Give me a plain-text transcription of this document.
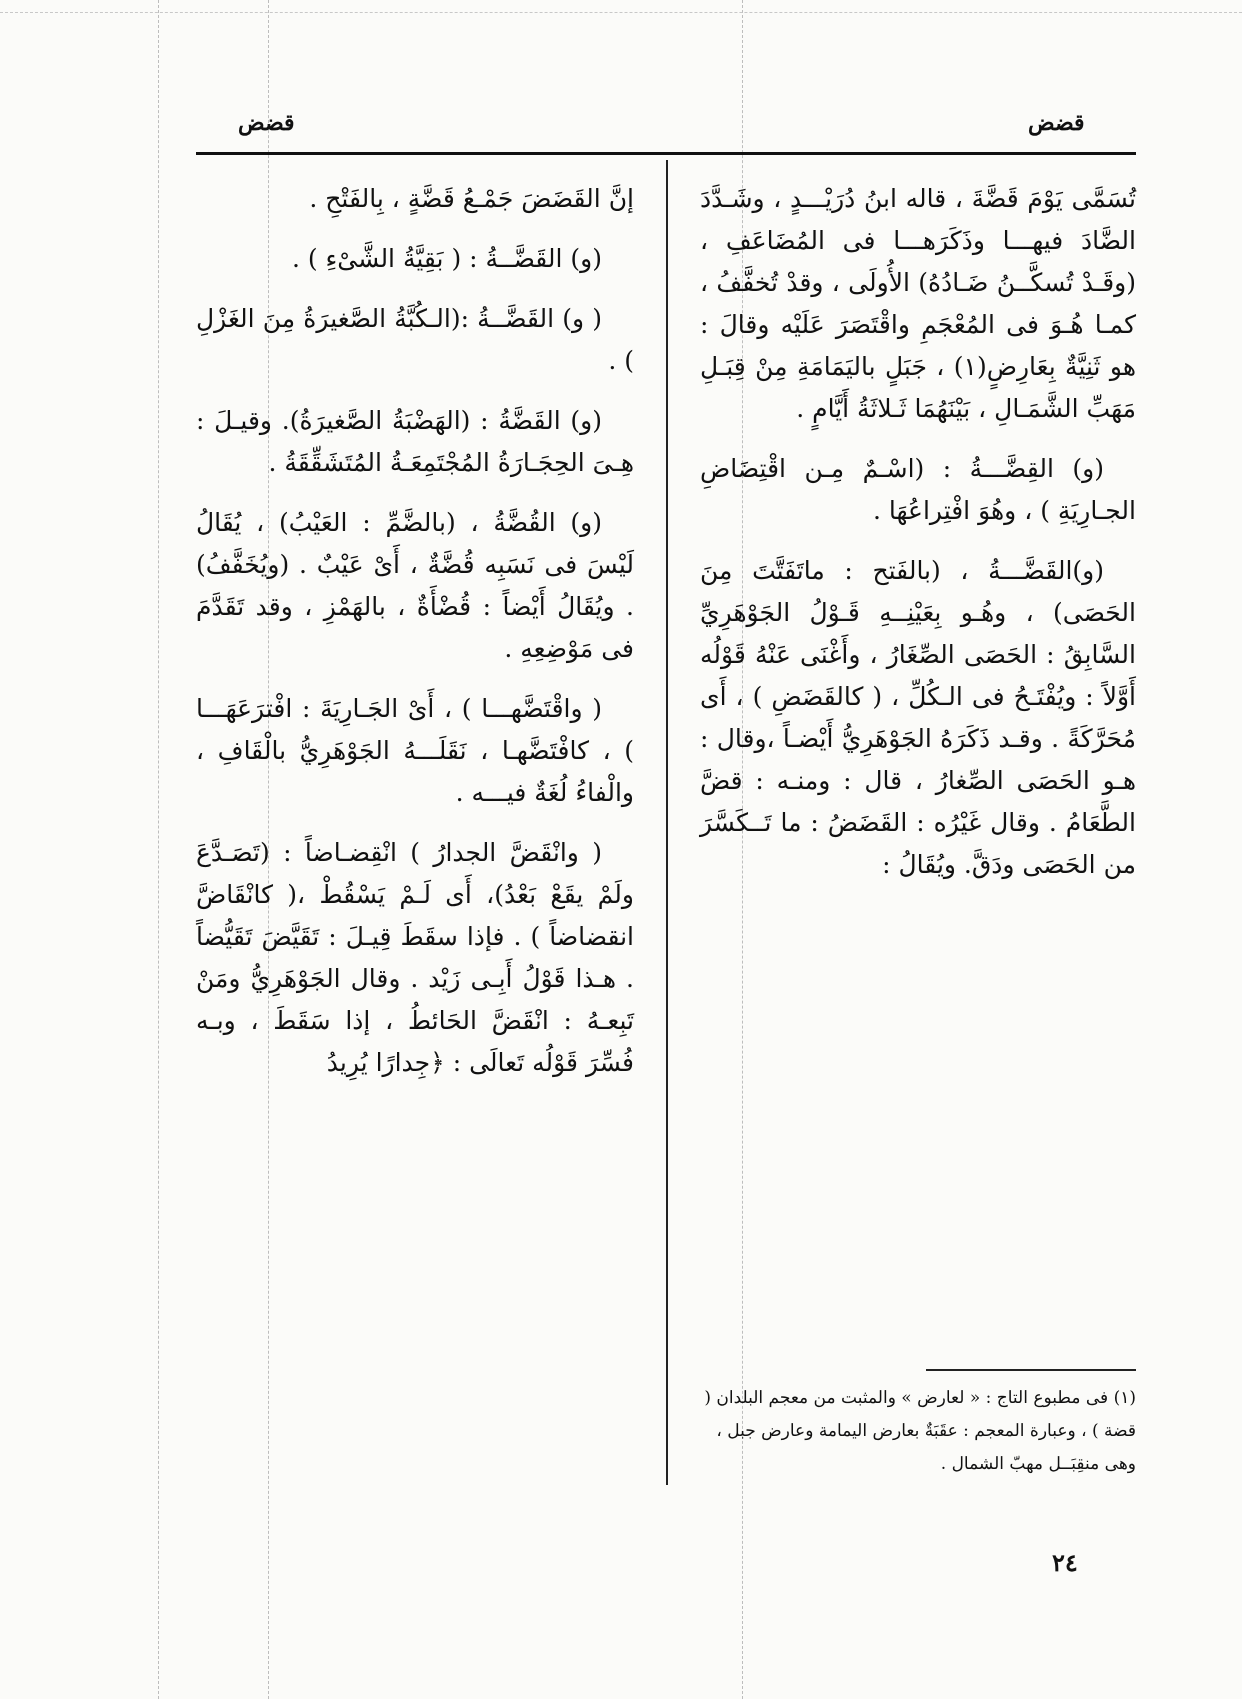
قضض	قضض

تُسَمَّى يَوْمَ قَضَّةَ ، قاله ابنُ دُرَيْـــدٍ ، وشَـدَّدَ الضَّادَ فيهـــا وذَكَرَهـــا فى المُضَاعَفِ ، (وقَـدْ تُسكَّــنُ ضَـادُهُ) الأُولَى ، وقدْ تُخفَّفُ ، كمـا هُـوَ فى المُعْجَمِ واقْتَصَرَ عَلَيْه وقالَ : هو ثَنِيَّةٌ بِعَارِضٍ(١) ، جَبَلٍ باليَمَامَةِ مِنْ قِبَـلِ مَهَبِّ الشَّمَـالِ ، بَيْنَهُمَا ثَـلاثَةُ أَيَّامٍ .

(و) القِضَّـــةُ : (اسْـمٌ مِـن اقْتِضَاضِ الجـارِيَةِ ) ، وهُوَ افْتِراعُهَا .

(و)القَضَّـــةُ ، (بالفَتح : ماتَفَتَّتَ مِنَ الحَصَى) ، وهُـو بِعَيْنِــهِ قَـوْلُ الجَوْهَرِيِّ السَّابِقُ : الحَصَى الصِّغَارُ ، وأَغْنَى عَنْهُ قَوْلُه أَوَّلاً : ويُفْتَـحُ فى الـكُلِّ ، ( كالقَضَضِ ) ، أَى مُحَرَّكَةً . وقـد ذَكَرَهُ الجَوْهَرِيُّ أَيْضـاً ،وقال : هـو الحَصَى الصِّغارُ ، قال : ومنـه : قضَّ الطَّعَامُ . وقال غَيْرُه : القَضَضُ : ما تَــكَسَّرَ من الحَصَى ودَقَّ. ويُقَالُ :

إنَّ القَضَضَ جَمْـعُ قَضَّةٍ ، بِالفَتْحِ .

(و) القَضَّــةُ : ( بَقِيَّةُ الشَّىْءِ ) .

( و) القَضَّــةُ :(الـكُبَّةُ الصَّغيرَةُ مِنَ الغَزْلِ ) .

(و) القَضَّةُ : (الهَضْبَةُ الصَّغيرَةُ). وقيـلَ : هِـىَ الحِجَـارَةُ المُجْتَمِعَـةُ المُتَشَقِّقَةُ .

(و) القُضَّةُ ، (بالضَّمِّ : العَيْبُ) ، يُقَالُ لَيْسَ فى نَسَبِه قُضَّةٌ ، أَىْ عَيْبٌ . (ويُخَفَّفُ) . ويُقَالُ أَيْضاً : قُضْأَةٌ ، بالهَمْزِ ، وقد تَقَدَّمَ فى مَوْضِعِهِ .

( واقْتَضَّهـــا ) ، أَىْ الجَـارِيَةَ : افْترَعَهَـــا ) ، كافْتَضَّهـا ، نَقَلَـــهُ الجَوْهَرِيُّ بالْقَافِ ، والْفاءُ لُغَةٌ فيـــه .

( وانْقَضَّ الجدارُ ) انْقِضـاضاً : (تَصَـدَّعَ ولَمْ يقَعْ بَعْدُ)، أَى لَـمْ يَسْقُطْ ،( كانْقَاضَّ انقضاضاً ) . فإذا سقَطَ قِيـلَ : تَقَيَّضَ تَقَيُّضاً . هـذا قَوْلُ أَبِـى زَيْد . وقال الجَوْهَرِيُّ ومَنْ تَبِعـهُ : انْقَضَّ الحَائطُ ، إذا سَقَطَ ، وبـه فُسِّرَ قَوْلُه تَعالَى : ﴿جِدارًا يُرِيدُ

(١) فى مطبوع التاج : « لعارض » والمثبت من معجم البلدان ( قضة ) ، وعبارة المعجم : عقَبَةٌ بعارض اليمامة وعارض جبل ، وهى منقِبَــل مهبّ الشمال .

٢٤
